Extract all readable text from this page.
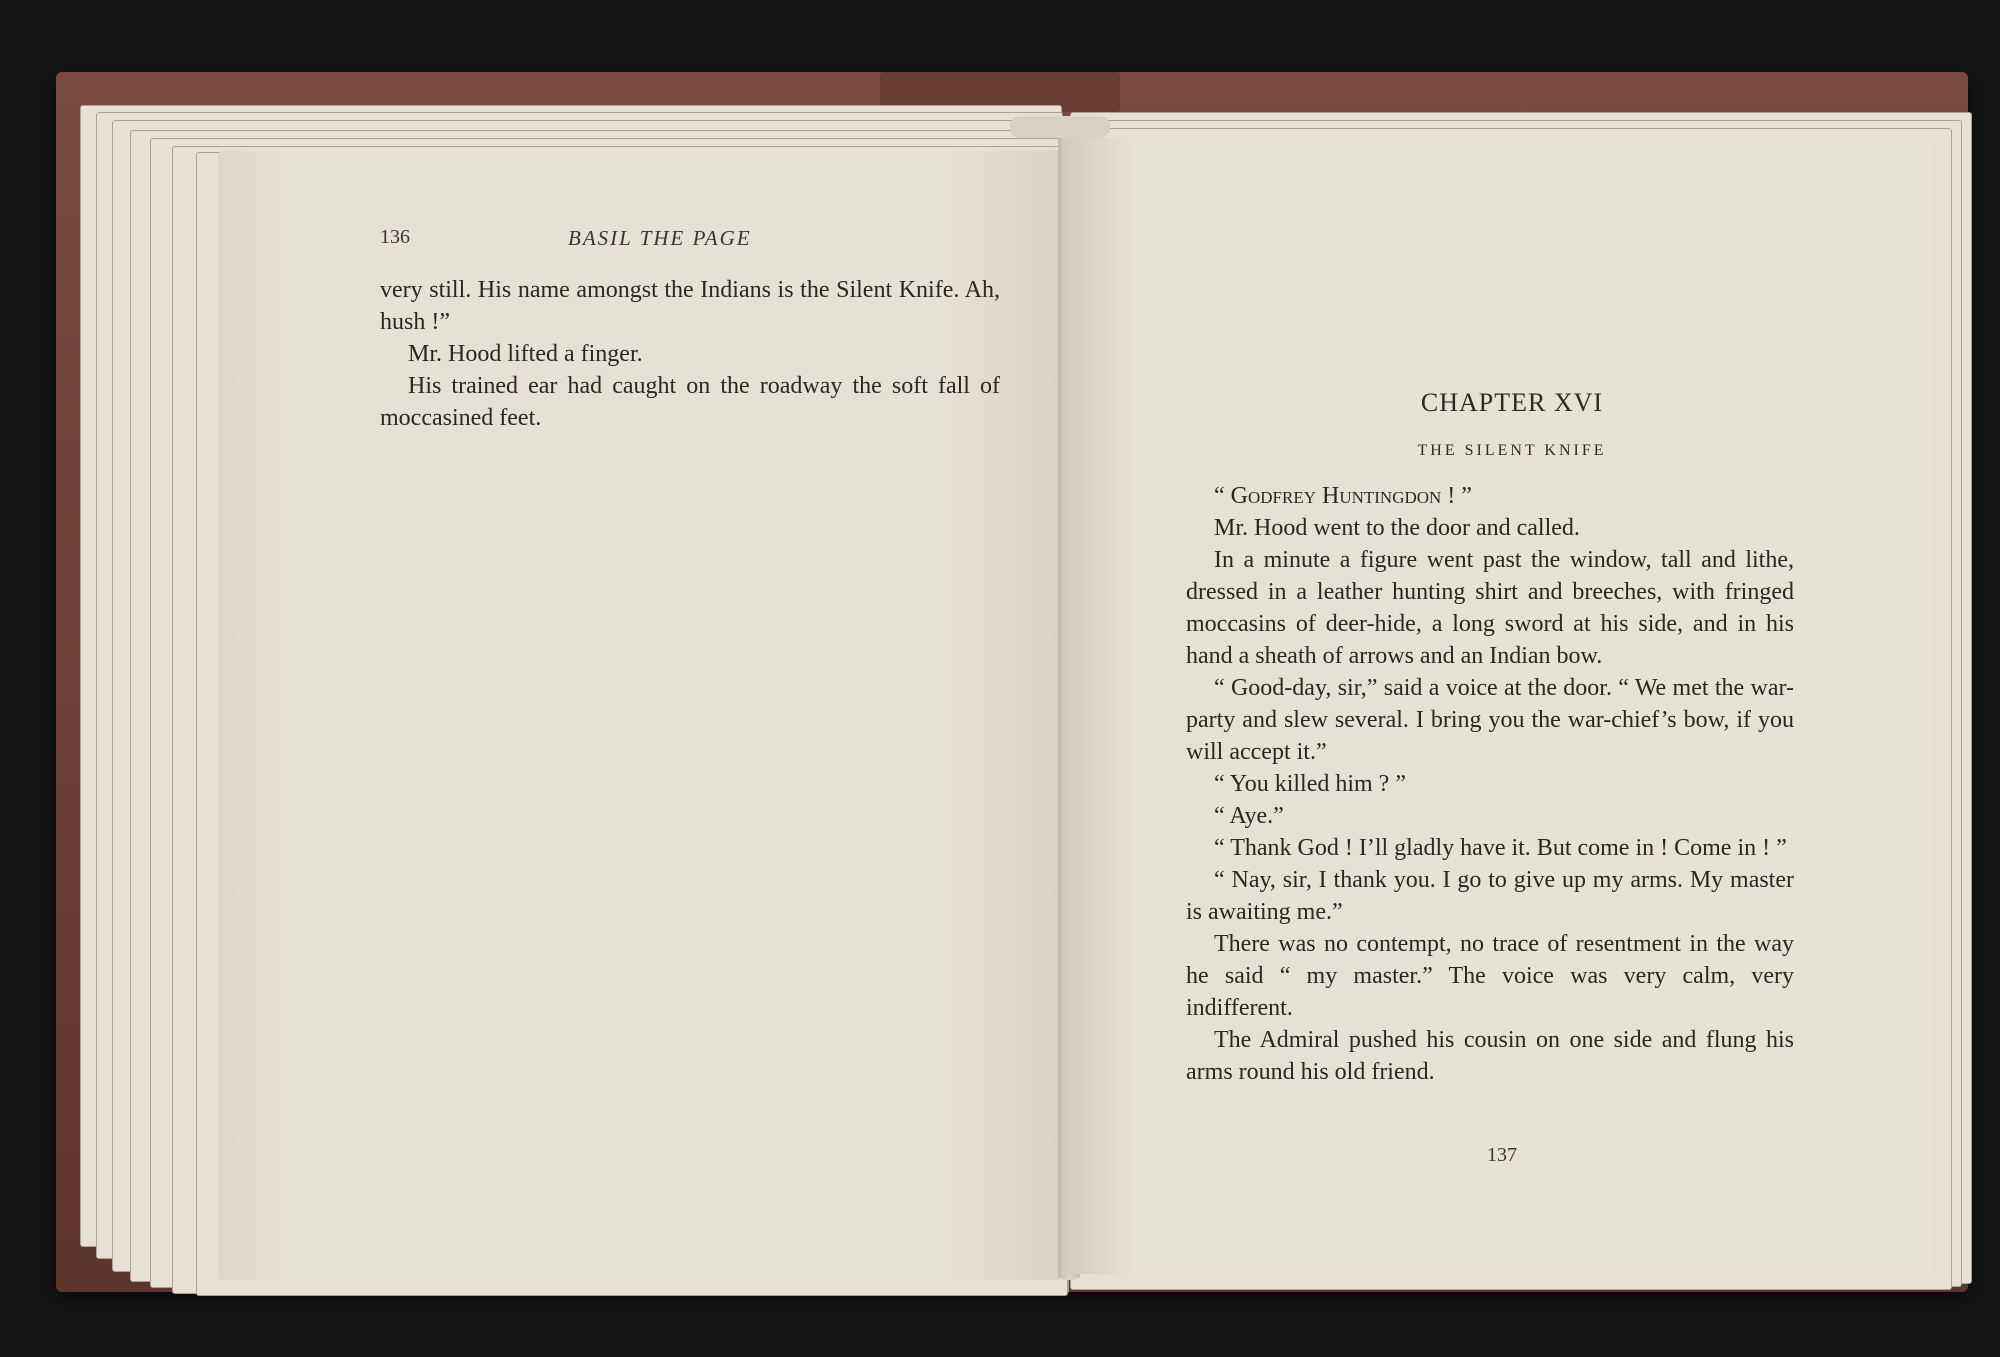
136	BASIL THE PAGE

very still. His name amongst the Indians is the Silent Knife. Ah, hush !”

Mr. Hood lifted a finger.

His trained ear had caught on the roadway the soft fall of moccasined feet.

CHAPTER XVI
THE SILENT KNIFE

“ Godfrey Huntingdon ! ”

Mr. Hood went to the door and called.

In a minute a figure went past the window, tall and lithe, dressed in a leather hunting shirt and breeches, with fringed moccasins of deer-hide, a long sword at his side, and in his hand a sheath of arrows and an Indian bow.

“ Good-day, sir,” said a voice at the door. “ We met the war-party and slew several. I bring you the war-chief’s bow, if you will accept it.”

“ You killed him ? ”

“ Aye.”

“ Thank God ! I’ll gladly have it. But come in ! Come in ! ”

“ Nay, sir, I thank you. I go to give up my arms. My master is awaiting me.”

There was no contempt, no trace of resentment in the way he said “ my master.” The voice was very calm, very indifferent.

The Admiral pushed his cousin on one side and flung his arms round his old friend.

137
